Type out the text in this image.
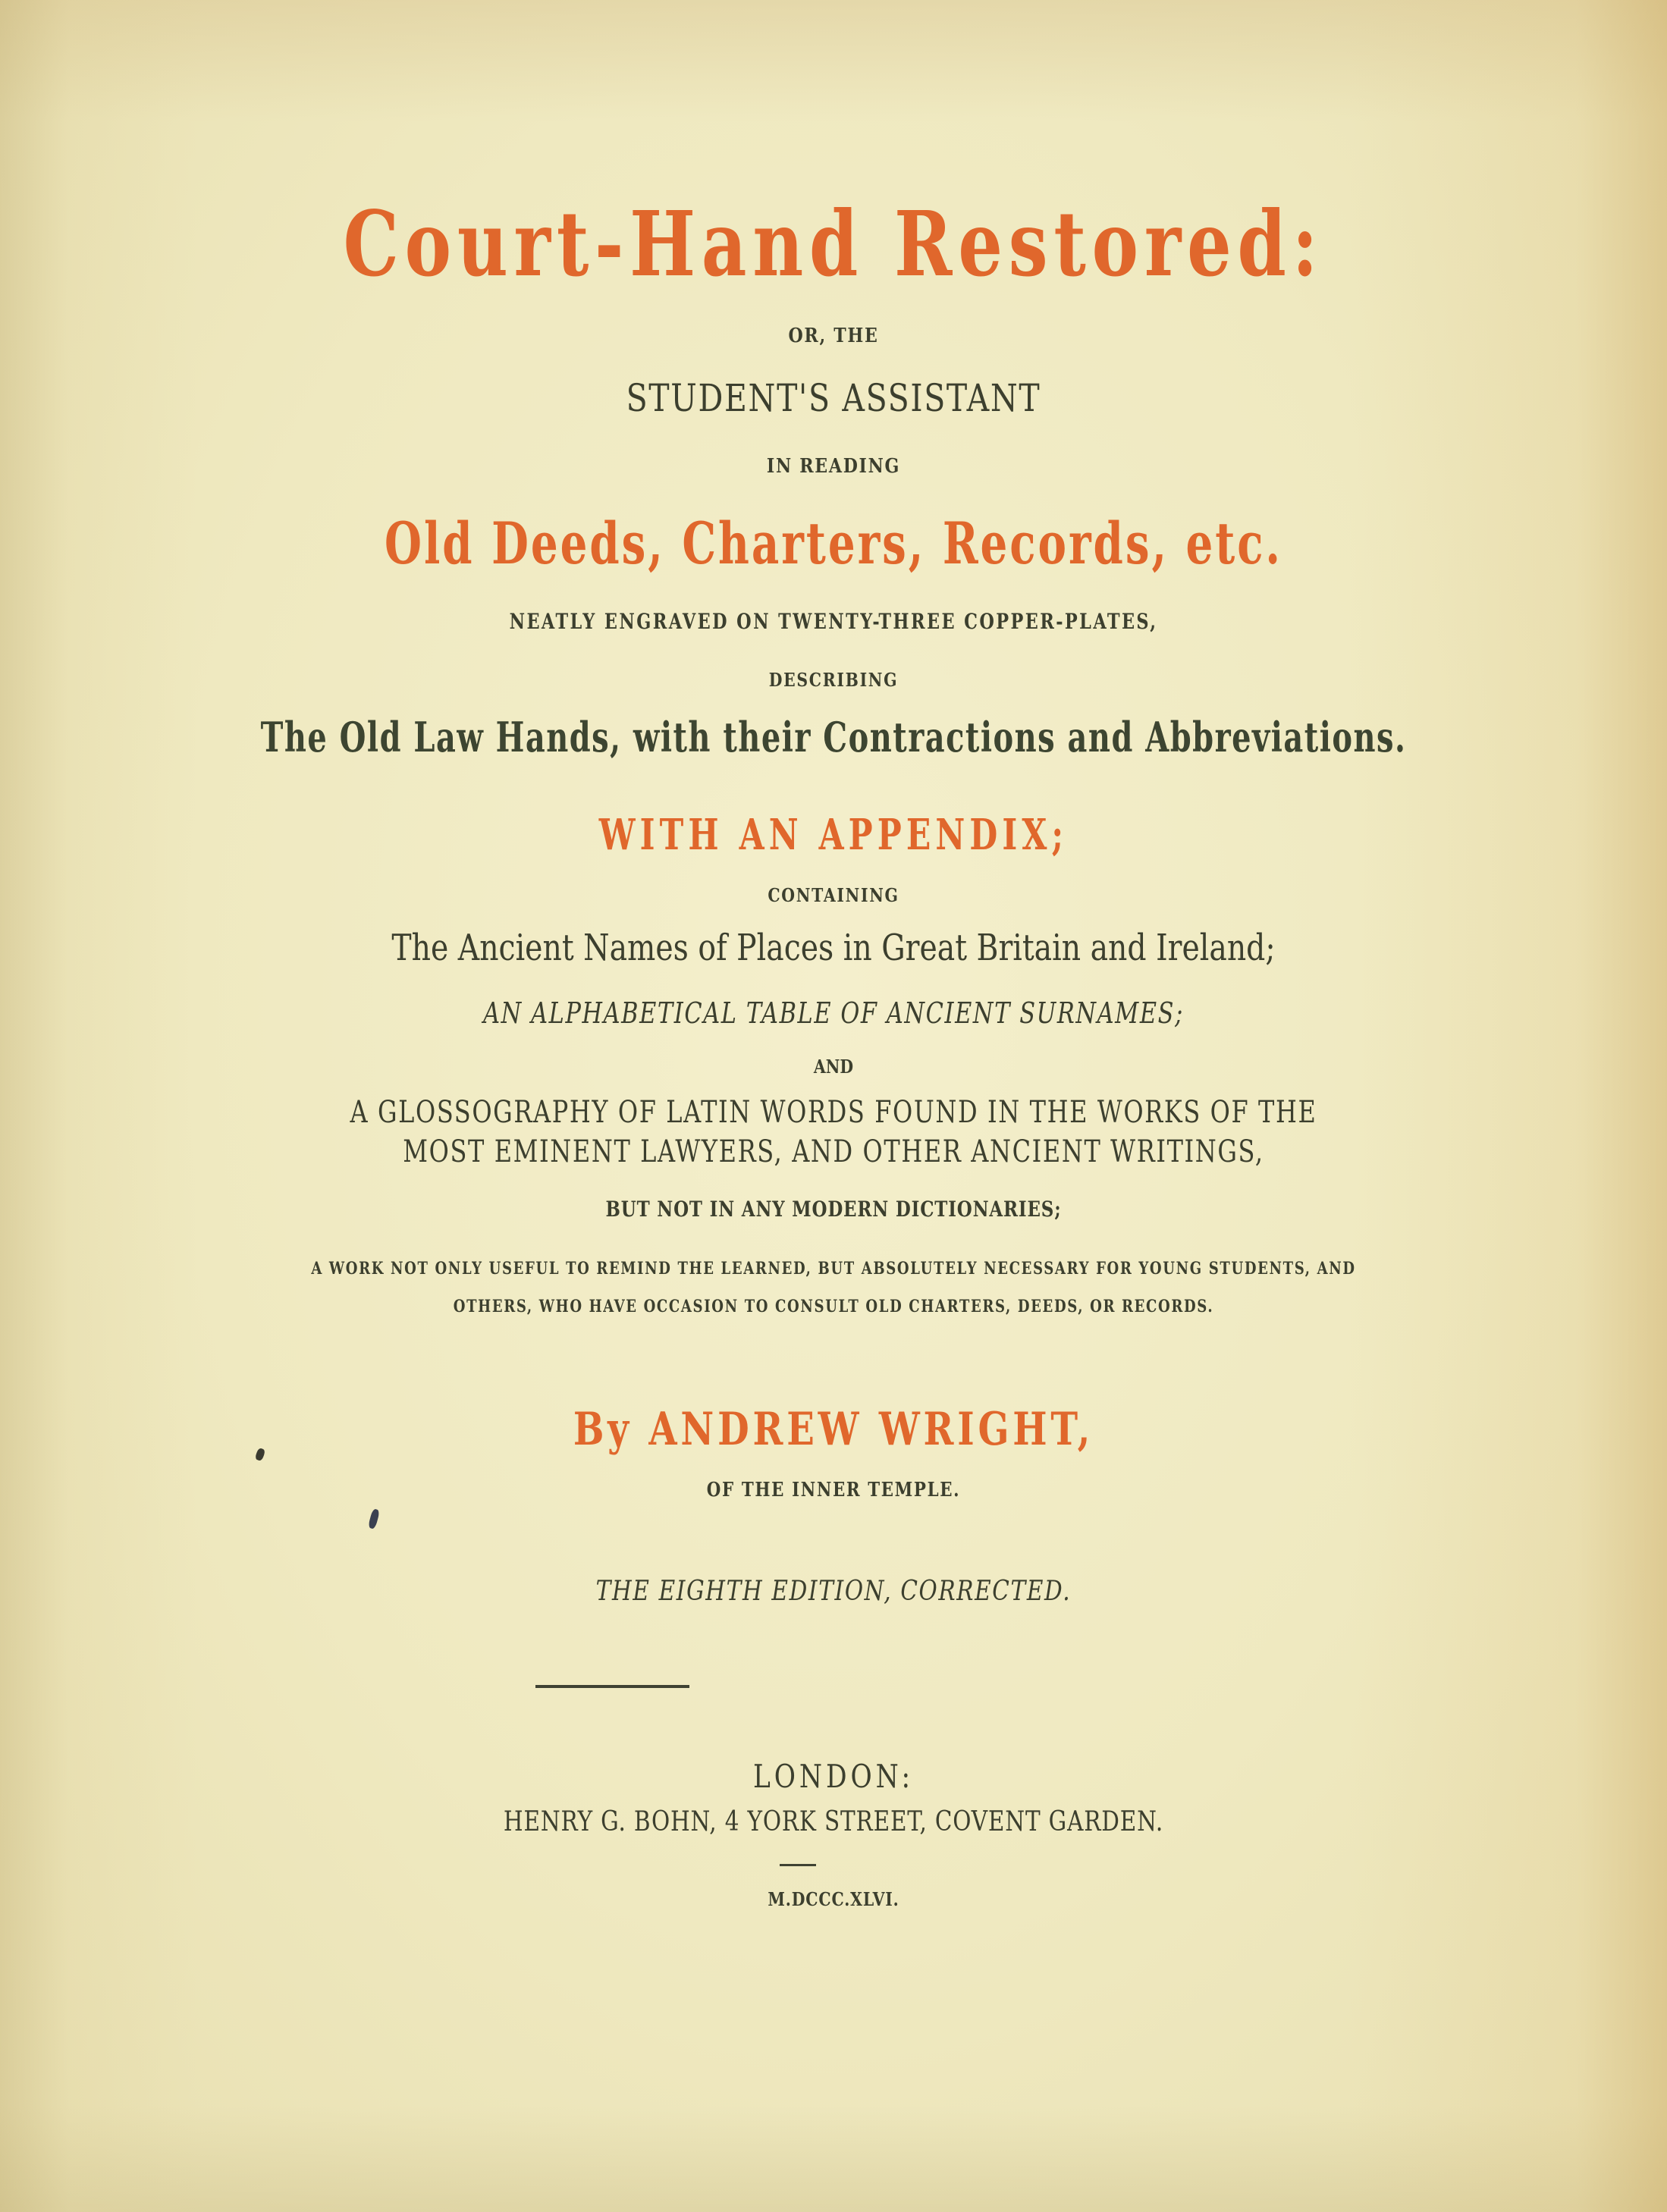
Court-Hand Restored:
OR, THE
STUDENT'S ASSISTANT
IN READING
Old Deeds, Charters, Records, etc.
NEATLY ENGRAVED ON TWENTY-THREE COPPER-PLATES,
DESCRIBING
The Old Law Hands, with their Contractions and Abbreviations.
WITH AN APPENDIX;
CONTAINING
The Ancient Names of Places in Great Britain and Ireland;
AN ALPHABETICAL TABLE OF ANCIENT SURNAMES;
AND
A GLOSSOGRAPHY OF LATIN WORDS FOUND IN THE WORKS OF THE
MOST EMINENT LAWYERS, AND OTHER ANCIENT WRITINGS,
BUT NOT IN ANY MODERN DICTIONARIES;
A WORK NOT ONLY USEFUL TO REMIND THE LEARNED, BUT ABSOLUTELY NECESSARY FOR YOUNG STUDENTS, AND
OTHERS, WHO HAVE OCCASION TO CONSULT OLD CHARTERS, DEEDS, OR RECORDS.
By ANDREW WRIGHT,
OF THE INNER TEMPLE.
THE EIGHTH EDITION, CORRECTED.
LONDON:
HENRY G. BOHN, 4 YORK STREET, COVENT GARDEN.
M.DCCC.XLVI.
